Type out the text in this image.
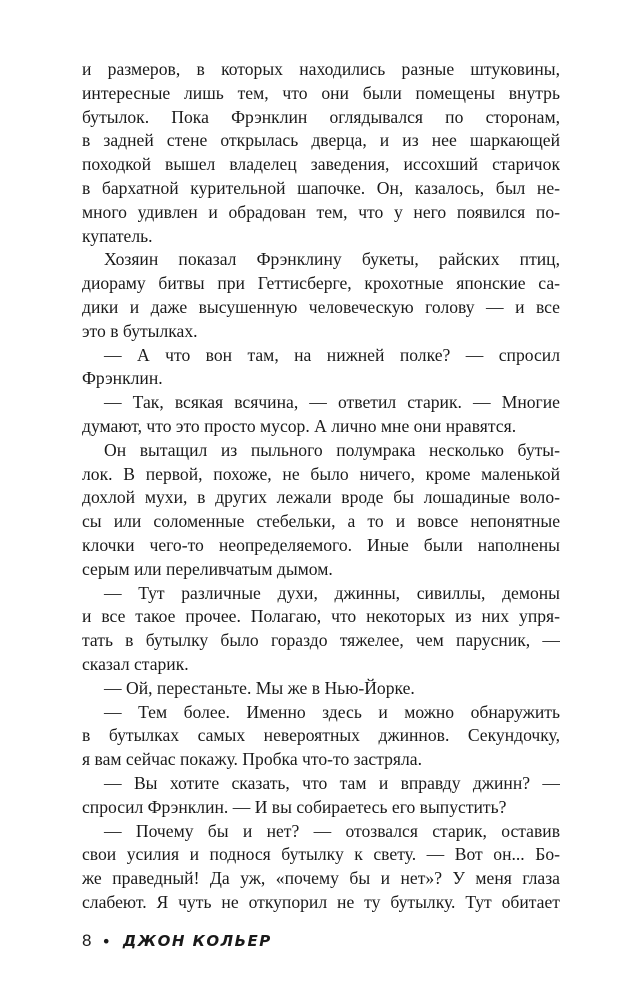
и размеров, в которых находились разные штуковины,
интересные лишь тем, что они были помещены внутрь
бутылок. Пока Фрэнклин оглядывался по сторонам,
в задней стене открылась дверца, и из нее шаркающей
походкой вышел владелец заведения, иссохший старичок
в бархатной курительной шапочке. Он, казалось, был не-
много удивлен и обрадован тем, что у него появился по-
купатель.
Хозяин показал Фрэнклину букеты, райских птиц,
диораму битвы при Геттисберге, крохотные японские са-
дики и даже высушенную человеческую голову — и все
это в бутылках.
— А что вон там, на нижней полке? — спросил
Фрэнклин.
— Так, всякая всячина, — ответил старик. — Многие
думают, что это просто мусор. А лично мне они нравятся.
Он вытащил из пыльного полумрака несколько буты-
лок. В первой, похоже, не было ничего, кроме маленькой
дохлой мухи, в других лежали вроде бы лошадиные воло-
сы или соломенные стебельки, а то и вовсе непонятные
клочки чего-то неопределяемого. Иные были наполнены
серым или переливчатым дымом.
— Тут различные духи, джинны, сивиллы, демоны
и все такое прочее. Полагаю, что некоторых из них упря-
тать в бутылку было гораздо тяжелее, чем парусник, —
сказал старик.
— Ой, перестаньте. Мы же в Нью-Йорке.
— Тем более. Именно здесь и можно обнаружить
в бутылках самых невероятных джиннов. Секундочку,
я вам сейчас покажу. Пробка что-то застряла.
— Вы хотите сказать, что там и вправду джинн? —
спросил Фрэнклин. — И вы собираетесь его выпустить?
— Почему бы и нет? — отозвался старик, оставив
свои усилия и поднося бутылку к свету. — Вот он... Бо-
же праведный! Да уж, «почему бы и нет»? У меня глаза
слабеют. Я чуть не откупорил не ту бутылку. Тут обитает
8 • ДЖОН КОЛЬЕР
